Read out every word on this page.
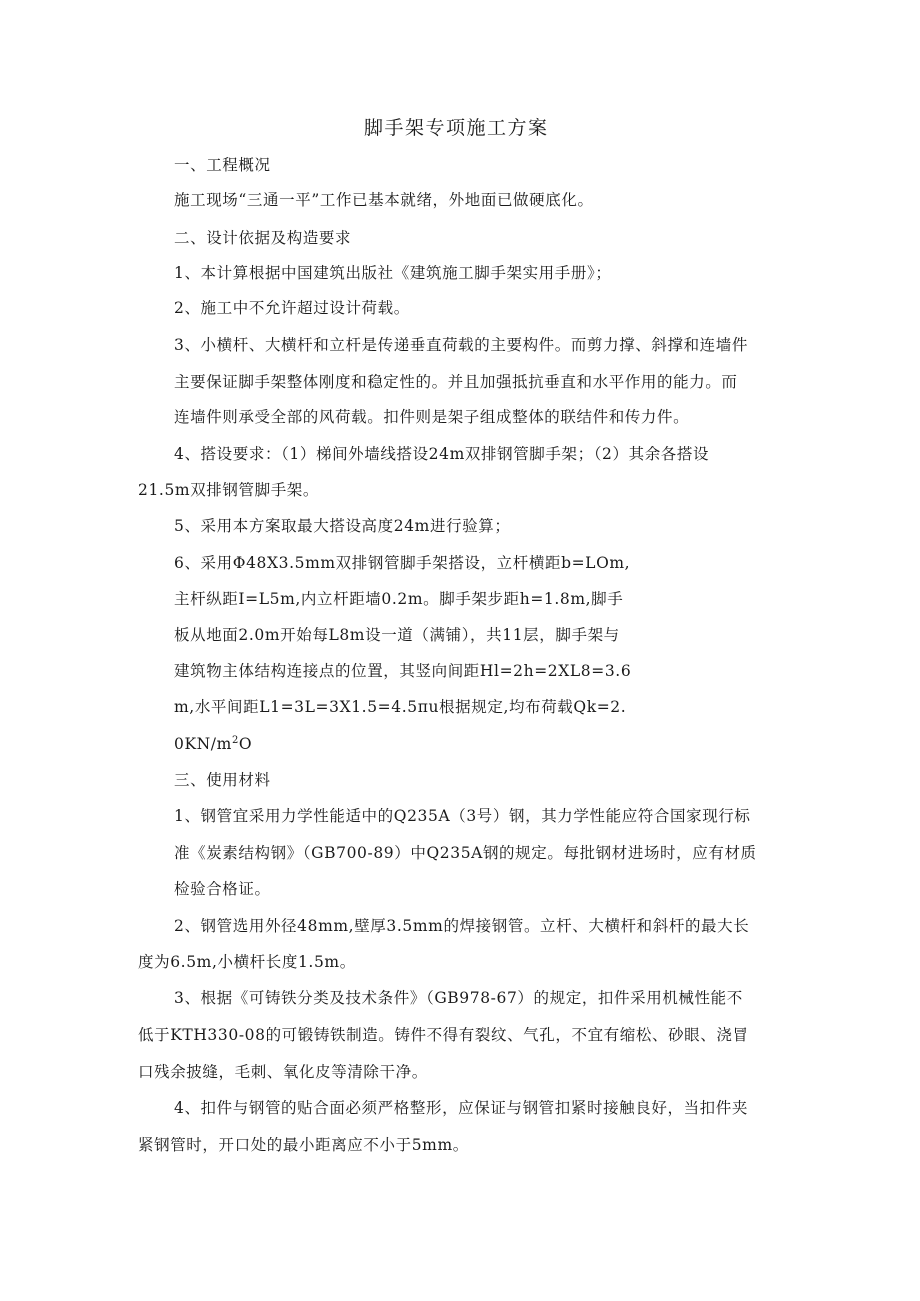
脚手架专项施工方案
一、工程概况
施工现场“三通一平”工作已基本就绪，外地面已做硬底化。
二、设计依据及构造要求
1、本计算根据中国建筑出版社《建筑施工脚手架实用手册》；
2、施工中不允许超过设计荷载。
3、小横杆、大横杆和立杆是传递垂直荷载的主要构件。而剪力撑、斜撑和连墙件
主要保证脚手架整体刚度和稳定性的。并且加强抵抗垂直和水平作用的能力。而
连墙件则承受全部的风荷载。扣件则是架子组成整体的联结件和传力件。
4、搭设要求：（1）梯间外墙线搭设24m双排钢管脚手架；（2）其余各搭设
21.5m双排钢管脚手架。
5、采用本方案取最大搭设高度24m进行验算；
6、采用Φ48X3.5mm双排钢管脚手架搭设，立杆横距b=LOm,
主杆纵距I=L5m,内立杆距墙0.2m。脚手架步距h=1.8m,脚手
板从地面2.0m开始每L8m设一道（满铺），共11层，脚手架与
建筑物主体结构连接点的位置，其竖向间距Hl=2h=2XL8=3.6
m,水平间距L1=3L=3X1.5=4.5πu根据规定,均布荷载Qk=2.
$0KN/m^2O$
三、使用材料
1、钢管宜采用力学性能适中的Q235A（3号）钢，其力学性能应符合国家现行标
准《炭素结构钢》（GB700-89）中Q235A钢的规定。每批钢材进场时，应有材质
检验合格证。
2、钢管选用外径48mm,壁厚3.5mm的焊接钢管。立杆、大横杆和斜杆的最大长
度为6.5m,小横杆长度1.5m。
3、根据《可铸铁分类及技术条件》（GB978-67）的规定，扣件采用机械性能不
低于KTH330-08的可锻铸铁制造。铸件不得有裂纹、气孔，不宜有缩松、砂眼、浇冒
口残余披缝，毛刺、氧化皮等清除干净。
4、扣件与钢管的贴合面必须严格整形，应保证与钢管扣紧时接触良好，当扣件夹
紧钢管时，开口处的最小距离应不小于5mm。
